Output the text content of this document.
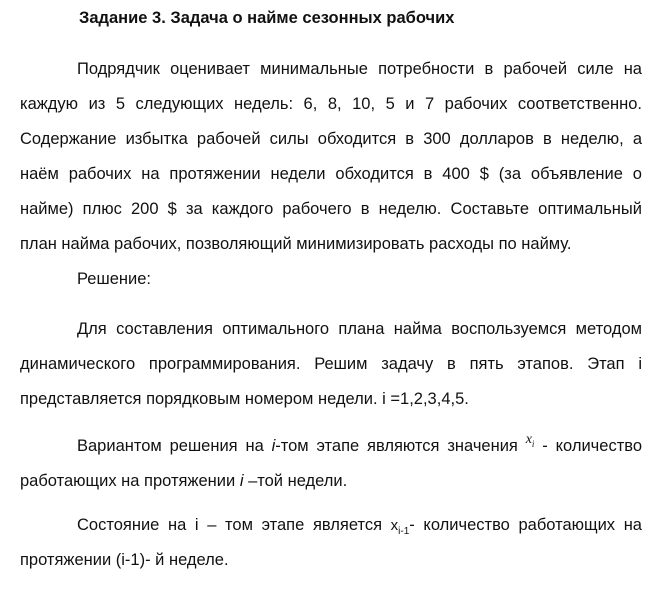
Задание 3. Задача о найме сезонных рабочих
Подрядчик оценивает минимальные потребности в рабочей силе на
каждую из 5 следующих недель: 6, 8, 10, 5 и 7 рабочих соответственно.
Содержание избытка рабочей силы обходится в 300 долларов в неделю, а
наём рабочих на протяжении недели обходится в 400 $ (за объявление о
найме) плюс 200 $ за каждого рабочего в неделю. Составьте оптимальный
план найма рабочих, позволяющий минимизировать расходы по найму.
Решение:
Для составления оптимального плана найма воспользуемся методом
динамического программирования. Решим задачу в пять этапов. Этап i
представляется порядковым номером недели. i =1,2,3,4,5.
Вариантом решения на i-том этапе являются значения $^{x_i}$ - количество
работающих на протяжении i –той недели.
Состояние на i – том этапе является $x_{i-1}-$ количество работающих на
протяжении (i-1)- й неделе.
